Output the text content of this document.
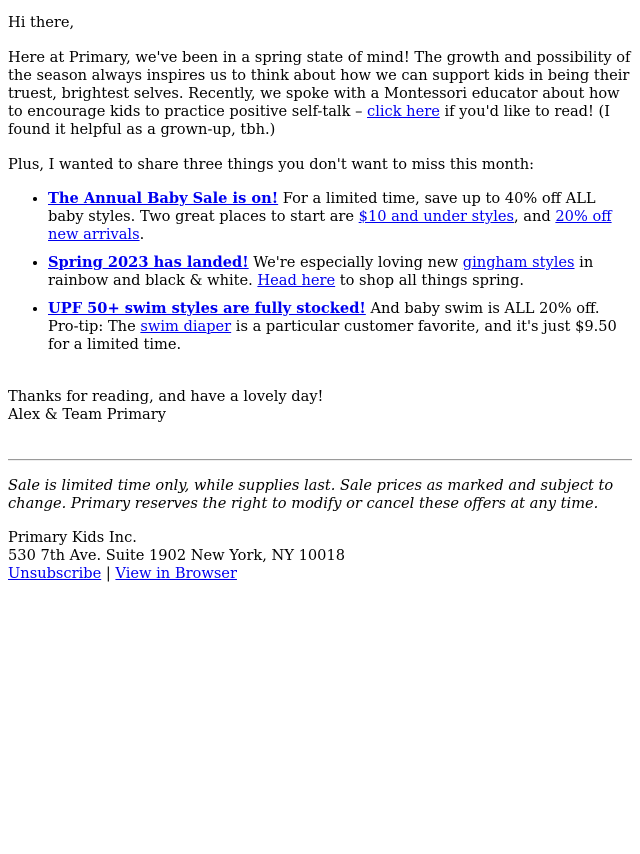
Hi there,

Here at Primary, we've been in a spring state of mind! The growth and possibility of the season always inspires us to think about how we can support kids in being their truest, brightest selves. Recently, we spoke with a Montessori educator about how to encourage kids to practice positive self-talk – click here if you'd like to read! (I found it helpful as a grown-up, tbh.)

Plus, I wanted to share three things you don't want to miss this month:

• The Annual Baby Sale is on! For a limited time, save up to 40% off ALL baby styles. Two great places to start are $10 and under styles, and 20% off new arrivals.
• Spring 2023 has landed! We're especially loving new gingham styles in rainbow and black & white. Head here to shop all things spring.
• UPF 50+ swim styles are fully stocked! And baby swim is ALL 20% off. Pro-tip: The swim diaper is a particular customer favorite, and it's just $9.50 for a limited time.

Thanks for reading, and have a lovely day!

Alex & Team Primary

Sale is limited time only, while supplies last. Sale prices as marked and subject to change. Primary reserves the right to modify or cancel these offers at any time.

Primary Kids Inc.

530 7th Ave. Suite 1902 New York, NY 10018

Unsubscribe | View in Browser
